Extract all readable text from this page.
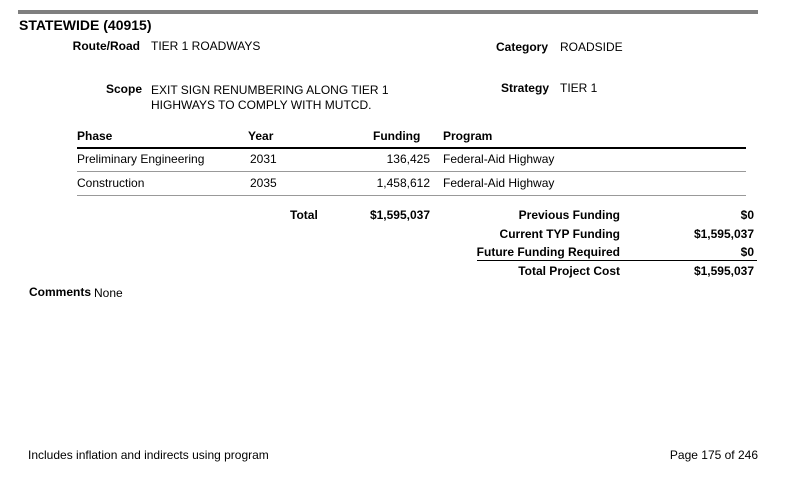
STATEWIDE (40915)
Route/Road TIER 1 ROADWAYS	Category ROADSIDE
Scope EXIT SIGN RENUMBERING ALONG TIER 1
HIGHWAYS TO COMPLY WITH MUTCD.
Strategy TIER 1
Phase	Year	Funding Program
Preliminary Engineering	2031	136,425 Federal-Aid Highway
Construction	2035	1,458,612 Federal-Aid Highway
Total	$1,595,037	Previous Funding	$0
Current TYP Funding	$1,595,037
Future Funding Required	$0
Total Project Cost	$1,595,037
Comments None
Includes inflation and indirects using program	Page 175 of 246
